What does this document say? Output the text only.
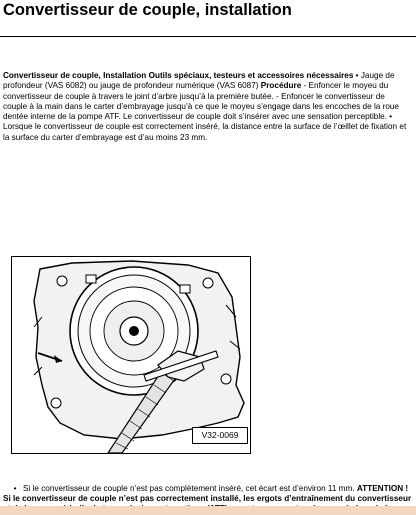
Convertisseur de couple, installation

Convertisseur de couple, Installation Outils spéciaux, testeurs et accessoires nécessaires • Jauge de profondeur (VAS 6082) ou jauge de profondeur numérique (VAS 6087) Procédure - Enfoncer le moyeu du convertisseur de couple à travers le joint d’arbre jusqu’à la première butée. - Enfoncer le convertisseur de couple à la main dans le carter d’embrayage jusqu’à ce que le moyeu s’engage dans les encoches de la roue dentée interne de la pompe ATF. Le convertisseur de couple doit s’insérer avec une sensation perceptible. • Lorsque le convertisseur de couple est correctement inséré, la distance entre la surface de l’œillet de fixation et la surface du carter d’embrayage est d’au moins 23 mm.

V32-0069

• Si le convertisseur de couple n’est pas complètement inséré, cet écart est d’environ 11 mm. ATTENTION !
Si le convertisseur de couple n’est pas correctement installé, les ergots d’entraînement du convertisseur
